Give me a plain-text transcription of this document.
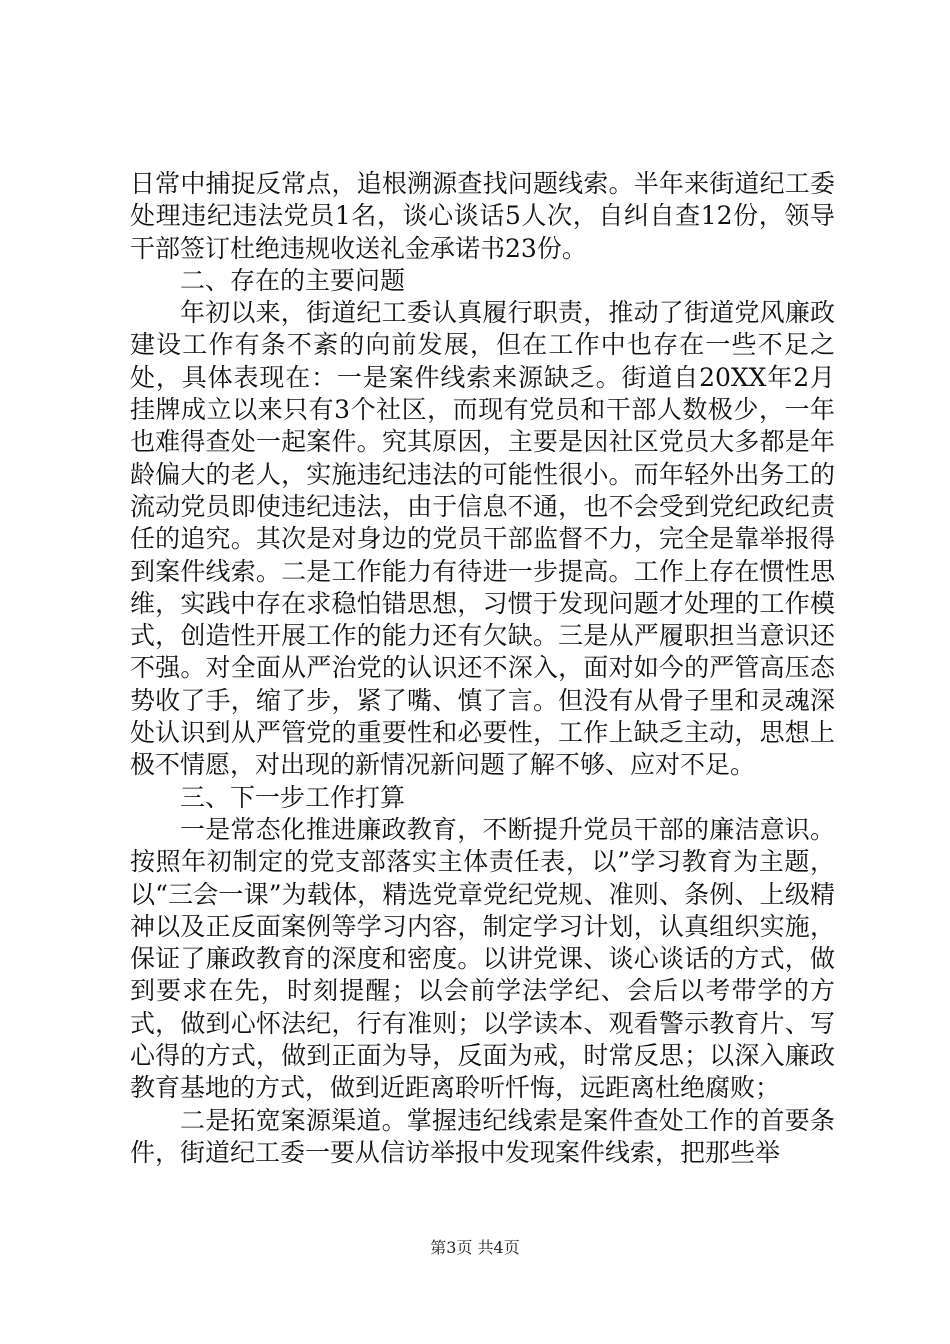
日常中捕捉反常点，追根溯源查找问题线索。半年来街道纪工委处理违纪违法党员1名，谈心谈话5人次，自纠自查12份，领导干部签订杜绝违规收送礼金承诺书23份。

二、存在的主要问题

年初以来，街道纪工委认真履行职责，推动了街道党风廉政建设工作有条不紊的向前发展，但在工作中也存在一些不足之处，具体表现在：一是案件线索来源缺乏。街道自20XX年2月挂牌成立以来只有3个社区，而现有党员和干部人数极少，一年也难得查处一起案件。究其原因，主要是因社区党员大多都是年龄偏大的老人，实施违纪违法的可能性很小。而年轻外出务工的流动党员即使违纪违法，由于信息不通，也不会受到党纪政纪责任的追究。其次是对身边的党员干部监督不力，完全是靠举报得到案件线索。二是工作能力有待进一步提高。工作上存在惯性思维，实践中存在求稳怕错思想，习惯于发现问题才处理的工作模式，创造性开展工作的能力还有欠缺。三是从严履职担当意识还不强。对全面从严治党的认识还不深入，面对如今的严管高压态势收了手，缩了步，紧了嘴、慎了言。但没有从骨子里和灵魂深处认识到从严管党的重要性和必要性，工作上缺乏主动，思想上极不情愿，对出现的新情况新问题了解不够、应对不足。

三、下一步工作打算

一是常态化推进廉政教育，不断提升党员干部的廉洁意识。按照年初制定的党支部落实主体责任表，以”学习教育为主题，以“三会一课”为载体，精选党章党纪党规、准则、条例、上级精神以及正反面案例等学习内容，制定学习计划，认真组织实施，保证了廉政教育的深度和密度。以讲党课、谈心谈话的方式，做到要求在先，时刻提醒；以会前学法学纪、会后以考带学的方式，做到心怀法纪，行有准则；以学读本、观看警示教育片、写心得的方式，做到正面为导，反面为戒，时常反思；以深入廉政教育基地的方式，做到近距离聆听忏悔，远距离杜绝腐败；

二是拓宽案源渠道。掌握违纪线索是案件查处工作的首要条件，街道纪工委一要从信访举报中发现案件线索，把那些举

第3页 共4页
